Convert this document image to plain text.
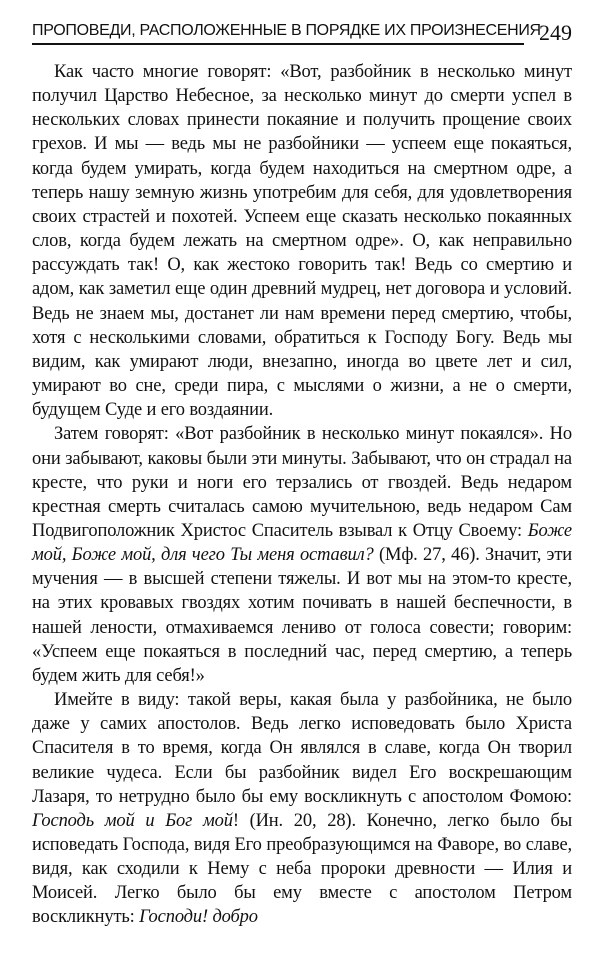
ПРОПОВЕДИ, РАСПОЛОЖЕННЫЕ В ПОРЯДКЕ ИХ ПРОИЗНЕСЕНИЯ
249

Как часто многие говорят: «Вот, разбойник в несколько минут получил Царство Небесное, за несколько минут до смерти успел в нескольких словах принести покаяние и получить прощение своих грехов. И мы — ведь мы не разбойники — успеем еще покаяться, когда будем умирать, когда будем находиться на смертном одре, а теперь нашу земную жизнь употребим для себя, для удовлетворения своих страстей и похотей. Успеем еще сказать несколько покаянных слов, когда будем лежать на смертном одре». О, как неправильно рассуждать так! О, как жестоко говорить так! Ведь со смертию и адом, как заметил еще один древний мудрец, нет договора и условий. Ведь не знаем мы, достанет ли нам времени перед смертию, чтобы, хотя с несколькими словами, обратиться к Господу Богу. Ведь мы видим, как умирают люди, внезапно, иногда во цвете лет и сил, умирают во сне, среди пира, с мыслями о жизни, а не о смерти, будущем Суде и его воздаянии.

Затем говорят: «Вот разбойник в несколько минут покаялся». Но они забывают, каковы были эти минуты. Забывают, что он страдал на кресте, что руки и ноги его терзались от гвоздей. Ведь недаром крестная смерть считалась самою мучительною, ведь недаром Сам Подвигоположник Христос Спаситель взывал к Отцу Своему: Боже мой, Боже мой, для чего Ты меня оставил? (Мф. 27, 46). Значит, эти мучения — в высшей степени тяжелы. И вот мы на этом-то кресте, на этих кровавых гвоздях хотим почивать в нашей беспечности, в нашей лености, отмахиваемся лениво от голоса совести; говорим: «Успеем еще покаяться в последний час, перед смертию, а теперь будем жить для себя!»

Имейте в виду: такой веры, какая была у разбойника, не было даже у самих апостолов. Ведь легко исповедовать было Христа Спасителя в то время, когда Он являлся в славе, когда Он творил великие чудеса. Если бы разбойник видел Его воскрешающим Лазаря, то нетрудно было бы ему воскликнуть с апостолом Фомою: Господь мой и Бог мой! (Ин. 20, 28). Конечно, легко было бы исповедать Господа, видя Его преобразующимся на Фаворе, во славе, видя, как сходили к Нему с неба пророки древности — Илия и Моисей. Легко было бы ему вместе с апостолом Петром воскликнуть: Господи! добро
